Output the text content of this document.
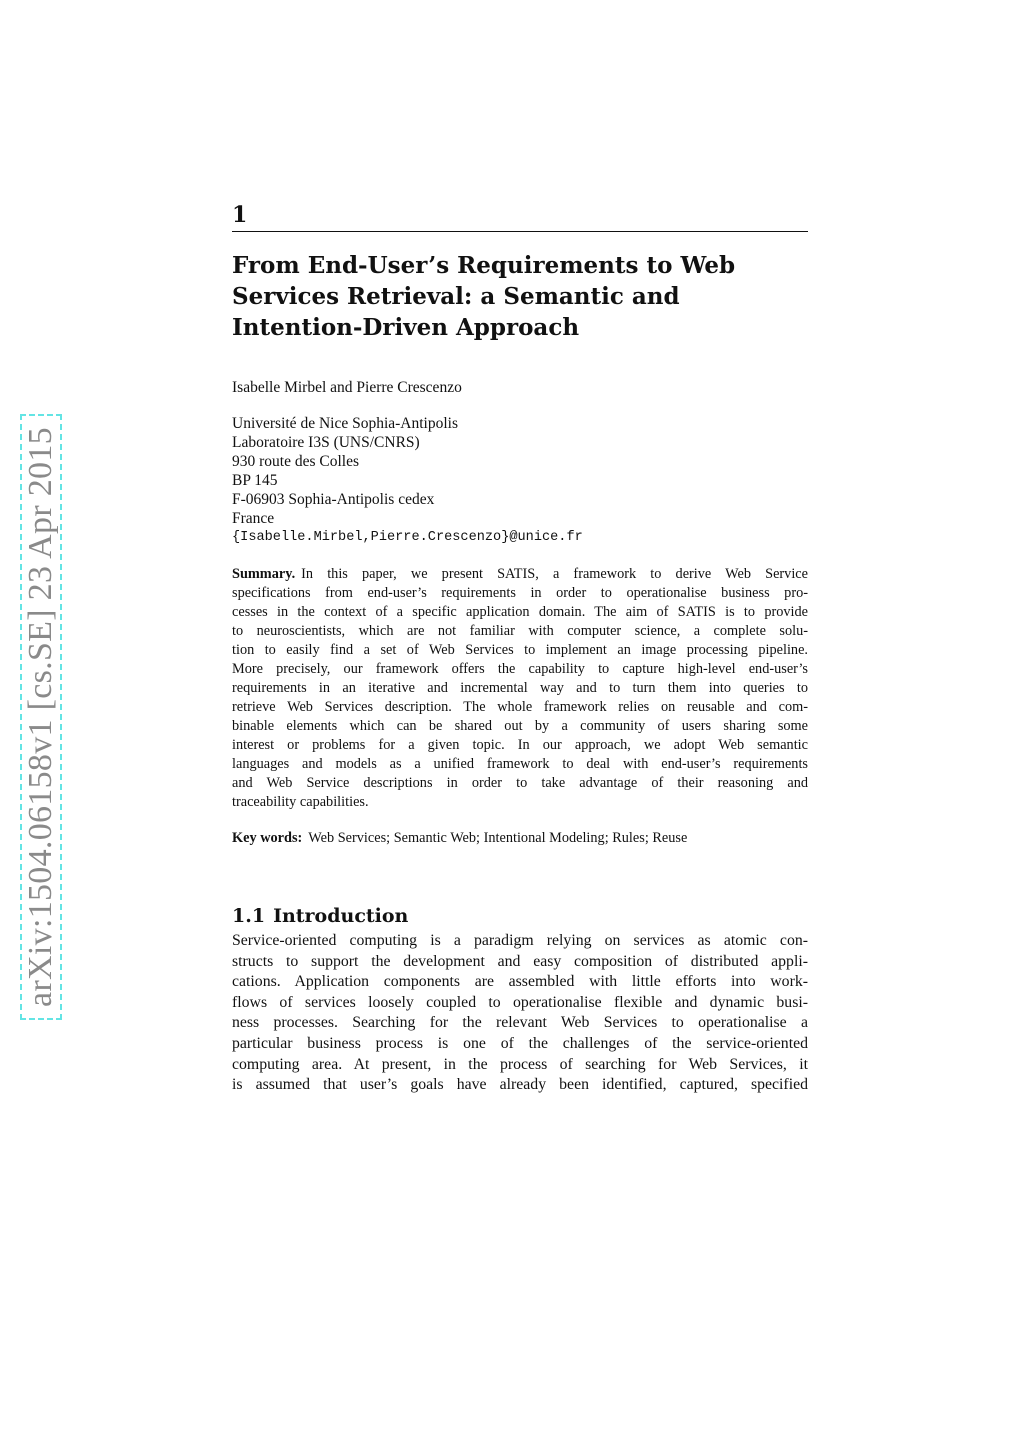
arXiv:1504.06158v1 [cs.SE] 23 Apr 2015
1
From End-User’s Requirements to Web
Services Retrieval: a Semantic and
Intention-Driven Approach
Isabelle Mirbel and Pierre Crescenzo
Université de Nice Sophia-Antipolis
Laboratoire I3S (UNS/CNRS)
930 route des Colles
BP 145
F-06903 Sophia-Antipolis cedex
France
{Isabelle.Mirbel,Pierre.Crescenzo}@unice.fr
Summary. In this paper, we present SATIS, a framework to derive Web Service
specifications from end-user’s requirements in order to operationalise business pro-
cesses in the context of a specific application domain. The aim of SATIS is to provide
to neuroscientists, which are not familiar with computer science, a complete solu-
tion to easily find a set of Web Services to implement an image processing pipeline.
More precisely, our framework offers the capability to capture high-level end-user’s
requirements in an iterative and incremental way and to turn them into queries to
retrieve Web Services description. The whole framework relies on reusable and com-
binable elements which can be shared out by a community of users sharing some
interest or problems for a given topic. In our approach, we adopt Web semantic
languages and models as a unified framework to deal with end-user’s requirements
and Web Service descriptions in order to take advantage of their reasoning and
traceability capabilities.
Key words: Web Services; Semantic Web; Intentional Modeling; Rules; Reuse
1.1 Introduction
Service-oriented computing is a paradigm relying on services as atomic con-
structs to support the development and easy composition of distributed appli-
cations. Application components are assembled with little efforts into work-
flows of services loosely coupled to operationalise flexible and dynamic busi-
ness processes. Searching for the relevant Web Services to operationalise a
particular business process is one of the challenges of the service-oriented
computing area. At present, in the process of searching for Web Services, it
is assumed that user’s goals have already been identified, captured, specified
